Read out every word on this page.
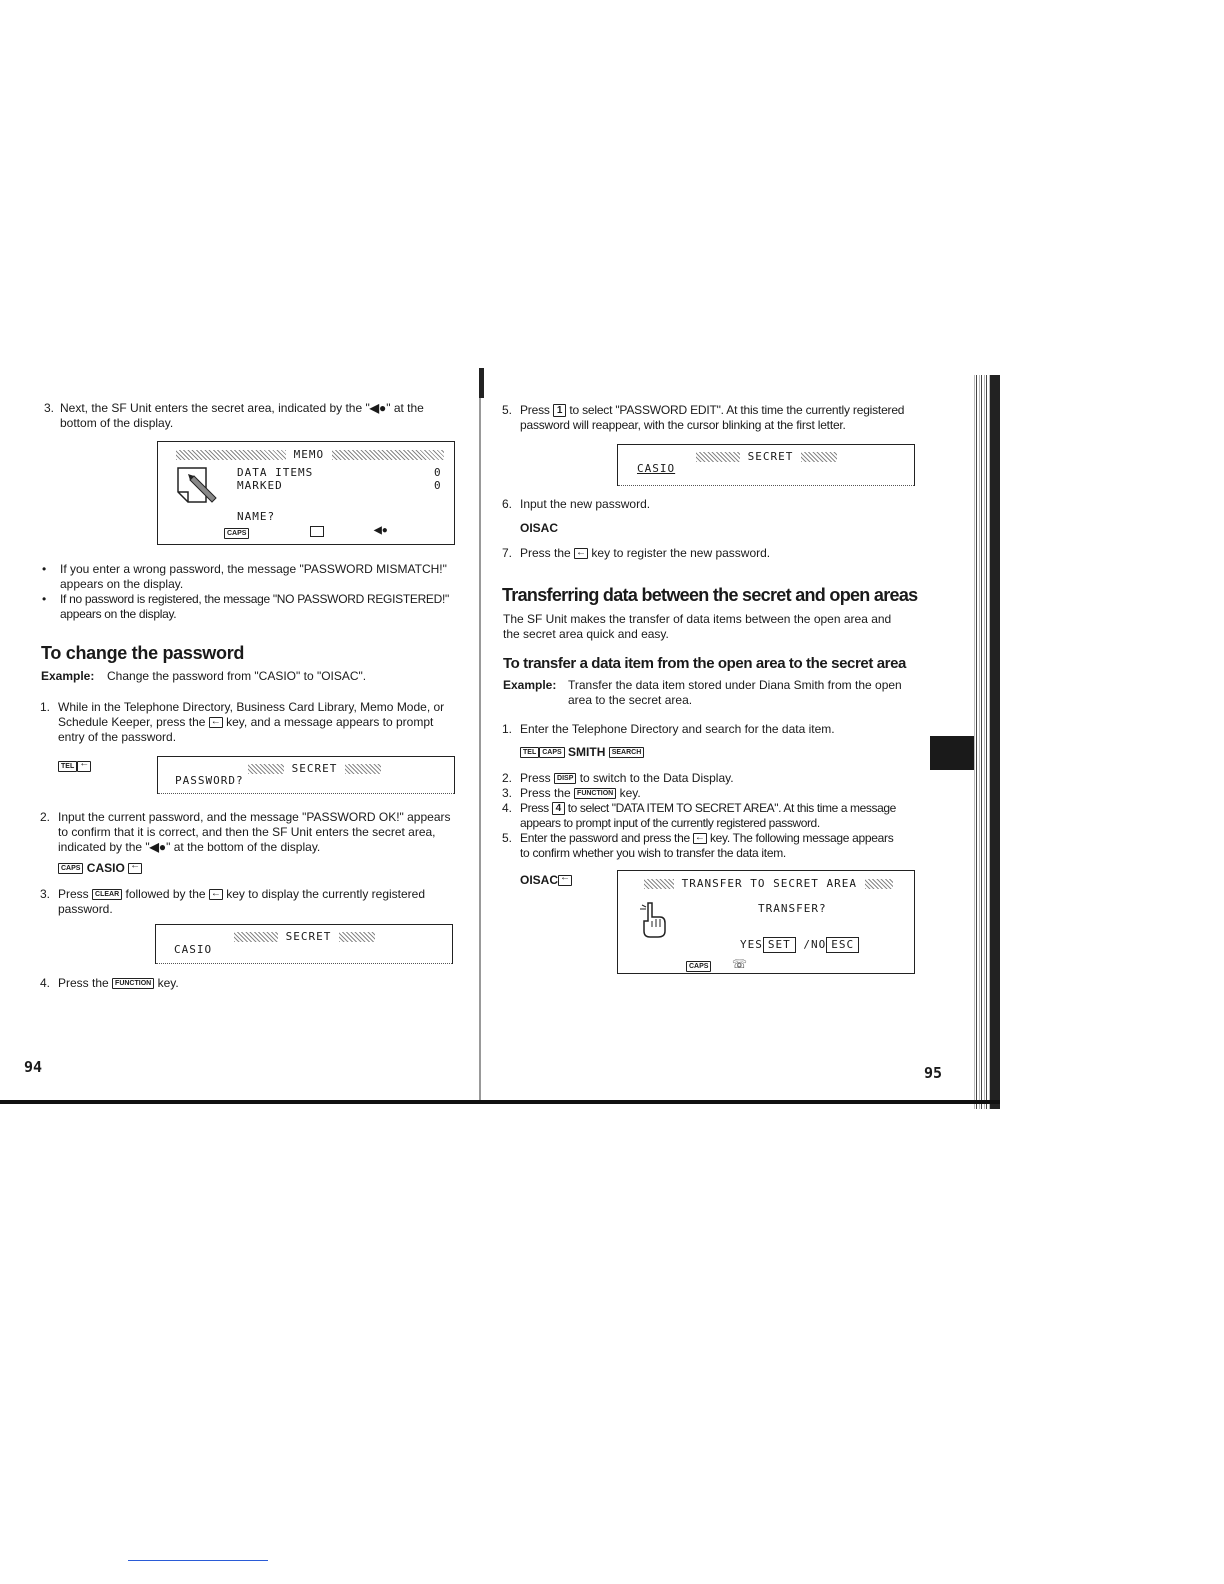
3. Next, the SF Unit enters the secret area, indicated by the "◀●" at the
bottom of the display.
MEMO
DATA ITEMS	0
MARKED	0
NAME?
CAPS	◀●
• If you enter a wrong password, the message "PASSWORD MISMATCH!"
appears on the display.
• If no password is registered, the message "NO PASSWORD REGISTERED!"
appears on the display.
To change the password
Example: Change the password from "CASIO" to "OISAC".
1. While in the Telephone Directory, Business Card Library, Memo Mode, or
Schedule Keeper, press the ← key, and a message appears to prompt
entry of the password.
TEL ←	SECRET
PASSWORD?
2. Input the current password, and the message "PASSWORD OK!" appears
to confirm that it is correct, and then the SF Unit enters the secret area,
indicated by the "◀●" at the bottom of the display.
CAPS CASIO ←
3. Press CLEAR followed by the ← key to display the currently registered
password.
SECRET
CASIO
4. Press the FUNCTION key.
94
5. Press 1 to select "PASSWORD EDIT". At this time the currently registered
password will reappear, with the cursor blinking at the first letter.
SECRET
CASIO
6. Input the new password.
OISAC
7. Press the ← key to register the new password.
Transferring data between the secret and open areas
The SF Unit makes the transfer of data items between the open area and
the secret area quick and easy.
To transfer a data item from the open area to the secret area
Example: Transfer the data item stored under Diana Smith from the open
area to the secret area.
1. Enter the Telephone Directory and search for the data item.
TEL CAPS SMITH SEARCH
2. Press DISP to switch to the Data Display.
3. Press the FUNCTION key.
4. Press 4 to select "DATA ITEM TO SECRET AREA". At this time a message
appears to prompt input of the currently registered password.
5. Enter the password and press the ← key. The following message appears
to confirm whether you wish to transfer the data item.
OISAC ←	TRANSFER TO SECRET AREA
TRANSFER?
YES SET /NO ESC
CAPS ☏
95
